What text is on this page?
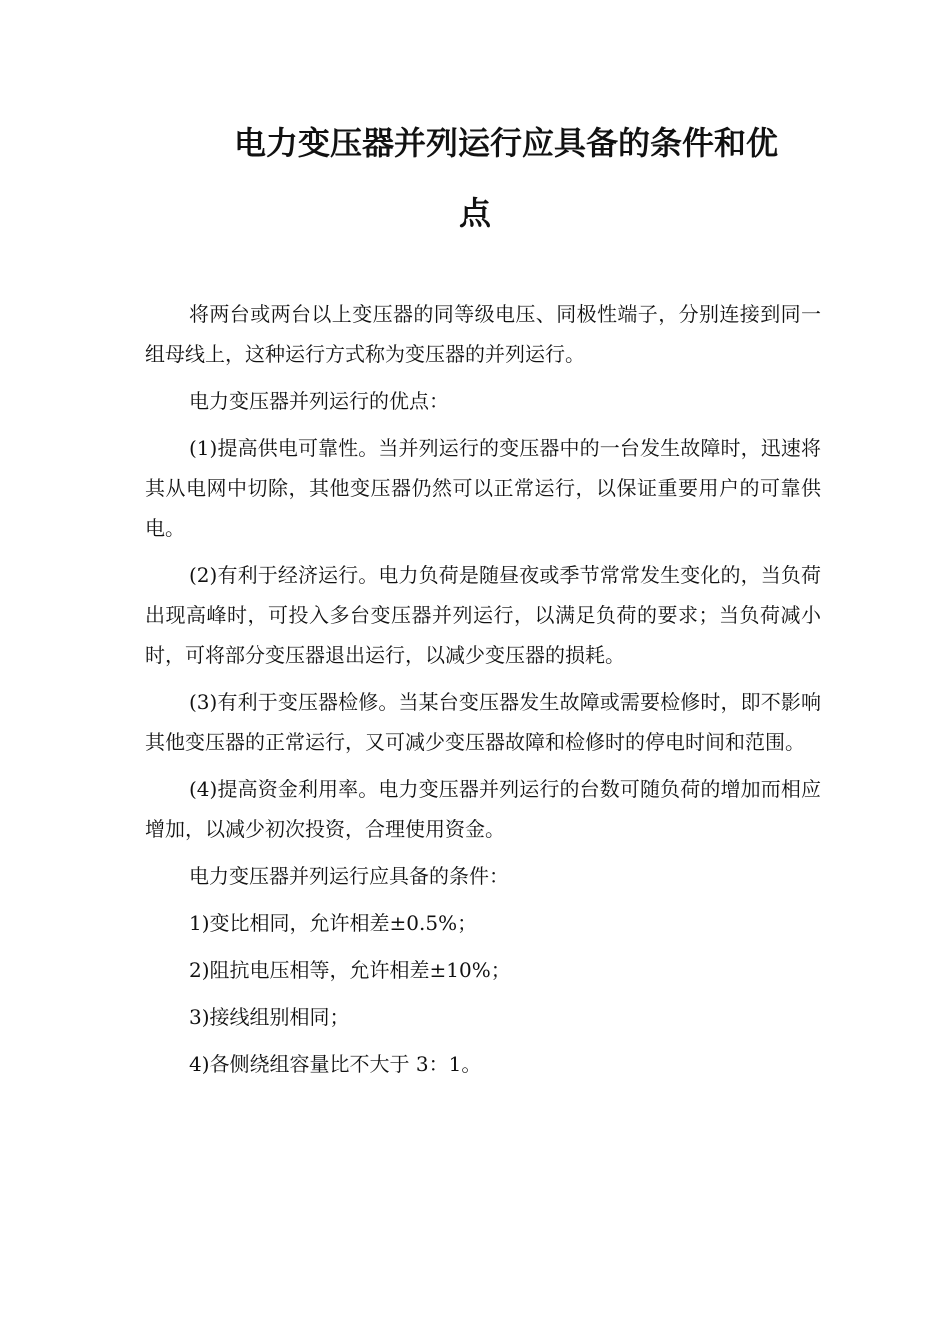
电力变压器并列运行应具备的条件和优
点

将两台或两台以上变压器的同等级电压、同极性端子，分别连接到同一组母线上，这种运行方式称为变压器的并列运行。

电力变压器并列运行的优点：

(1)提高供电可靠性。当并列运行的变压器中的一台发生故障时，迅速将其从电网中切除，其他变压器仍然可以正常运行，以保证重要用户的可靠供电。

(2)有利于经济运行。电力负荷是随昼夜或季节常常发生变化的，当负荷出现高峰时，可投入多台变压器并列运行，以满足负荷的要求；当负荷减小时，可将部分变压器退出运行，以减少变压器的损耗。

(3)有利于变压器检修。当某台变压器发生故障或需要检修时，即不影响其他变压器的正常运行，又可减少变压器故障和检修时的停电时间和范围。

(4)提高资金利用率。电力变压器并列运行的台数可随负荷的增加而相应增加，以减少初次投资，合理使用资金。

电力变压器并列运行应具备的条件：

1)变比相同，允许相差±0.5%；

2)阻抗电压相等，允许相差±10%；

3)接线组别相同；

4)各侧绕组容量比不大于 3：1。
